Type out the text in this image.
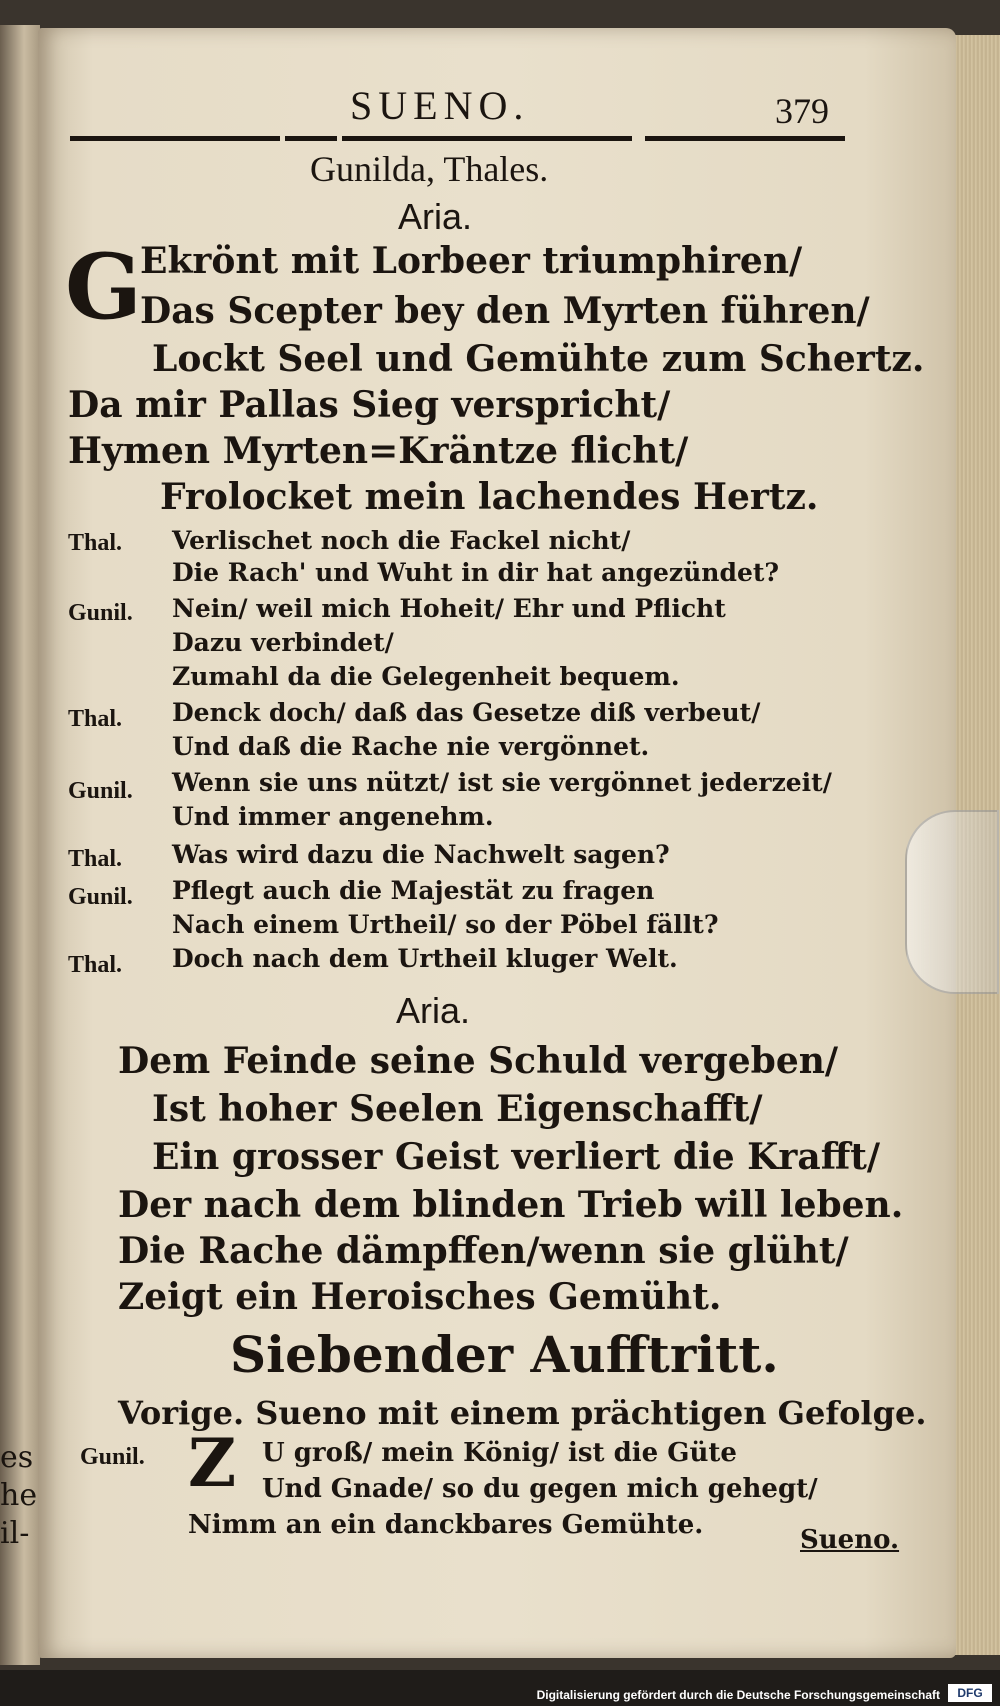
es
he
il-
SUENO.	379
Gunilda, Thales.
Aria.
G
Ekrönt mit Lorbeer triumphiren/
Das Scepter bey den Myrten führen/
Lockt Seel und Gemühte zum Schertz.
Da mir Pallas Sieg verspricht/
Hymen Myrten=Kräntze flicht/
Frolocket mein lachendes Hertz.
Thal. Verlischet noch die Fackel nicht/
Die Rach' und Wuht in dir hat angezündet?
Gunil. Nein/ weil mich Hoheit/ Ehr und Pflicht
Dazu verbindet/
Zumahl da die Gelegenheit bequem.
Thal. Denck doch/ daß das Gesetze diß verbeut/
Und daß die Rache nie vergönnet.
Gunil. Wenn sie uns nützt/ ist sie vergönnet jederzeit/
Und immer angenehm.
Thal. Was wird dazu die Nachwelt sagen?
Gunil. Pflegt auch die Majestät zu fragen
Nach einem Urtheil/ so der Pöbel fällt?
Thal. Doch nach dem Urtheil kluger Welt.
Aria.
Dem Feinde seine Schuld vergeben/
Ist hoher Seelen Eigenschafft/
Ein grosser Geist verliert die Krafft/
Der nach dem blinden Trieb will leben.
Die Rache dämpffen/wenn sie glüht/
Zeigt ein Heroisches Gemüht.
Siebender Aufftritt.
Vorige. Sueno mit einem prächtigen Gefolge.
Gunil. Z U groß/ mein König/ ist die Güte
Und Gnade/ so du gegen mich gehegt/
Nimm an ein danckbares Gemühte.	Sueno.
Digitalisierung gefördert durch die Deutsche Forschungsgemeinschaft	DFG
